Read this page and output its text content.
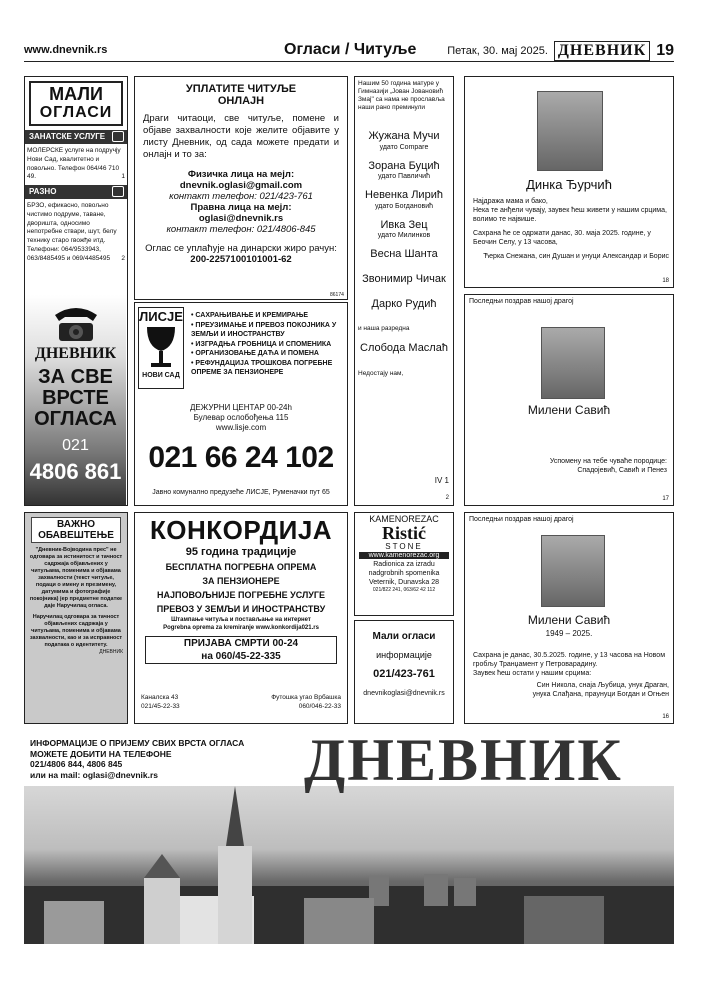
www.dnevnik.rs	Огласи / Читуље	Петак, 30. мај 2025. ДНЕВНИК 19
МАЛИ
ОГЛАСИ
ЗАНАТСКЕ УСЛУГЕ
МОЛЕРСКЕ услуге на подручју Нови Сад, квалитетно и повољно. Телефон 064/46 710 49.	1
РАЗНО
БРЗО, ефикасно, повољно чистимо подруме, таване, дворишта, односимо непотребне ствари, шут, белу технику старо гвожђе итд. Телефони: 064/9533943, 063/8485495 и 069/4485495 2
ДНЕВНИК
ЗА СВЕ
ВРСТЕ
ОГЛАСА
021
4806 861
УПЛАТИТЕ ЧИТУЉЕ
ОНЛАЈН
Драги читаоци, све читуље, помене и објаве захвалности које желите објавите у листу Дневник, од сада можете предати и онлајн и то за:
Физичка лица на мејл:
dnevnik.oglasi@gmail.com
контакт телефон: 021/423-761
Правна лица на мејл:
oglasi@dnevnik.rs
контакт телефон: 021/4806-845
Оглас се уплаћује на динарски жиро рачун:
200-2257100101001-62
86174
ЛИСЈЕ
НОВИ САД
• САХРАЊИВАЊЕ И КРЕМИРАЊЕ
• ПРЕУЗИМАЊЕ И ПРЕВОЗ ПОКОЈНИКА У ЗЕМЉИ И ИНОСТРАНСТВУ
• ИЗГРАДЊА ГРОБНИЦА И СПОМЕНИКА
• ОРГАНИЗОВАЊЕ ДАЋА И ПОМЕНА
• РЕФУНДАЦИЈА ТРОШКОВА ПОГРЕБНЕ ОПРЕМЕ ЗА ПЕНЗИОНЕРЕ
ДЕЖУРНИ ЦЕНТАР 00-24h
Булевар ослобођења 115
www.lisje.com
021 66 24 102
Јавно комунално предузеће ЛИСЈЕ, Руменачки пут 65
Нашим 50 година матуре у Гимназији „Јован Јовановић Змај" са нама не прославља наши рано преминули
Жужана Мучи
удато Compare
Зорана Буцић
удато Павличић
Невенка Лирић
удато Богдановић
Ивка Зец
удато Милинков
Весна Шанта
Звонимир Чичак
Дарко Рудић
и наша разредна
Слобода Маслаћ
Недостају нам,
IV 1
2
Динка Ђурчић
Најдража мама и бако,
Нека те анђели чувају, заувек ћеш живети у нашим срцима, волимо те највише.
Сахрана ће се одржати данас, 30. маја 2025. године, у Беочин Селу, у 13 часова,
Ћерка Снежана, син Душан и унуци Александар и Борис
18
Последњи поздрав нашој драгој
Милени Савић
Успомену на тебе чуваће породице:
Спадојевић, Савић и Пенез
17
ВАЖНО
ОБАВЕШТЕЊЕ
"Дневник-Војводина прес" не одговара за истинитост и тачност садржаја објављених у читуљама, поменима и објавама захвалности (текст читуље, подаци о имену и презимену, датумима и фотографије покојника) јер предметне податке даје Наручилац огласа.
Наручилац одговара за тачност објављених садржаја у читуљама, поменима и објавама захвалности, као и за исправност података о идентитету.
ДНЕВНИК
КОНКОРДИЈА
95 година традиције
БЕСПЛАТНА ПОГРЕБНА ОПРЕМА
ЗА ПЕНЗИОНЕРЕ
НАЈПОВОЉНИЈЕ ПОГРЕБНЕ УСЛУГЕ
ПРЕВОЗ У ЗЕМЉИ И ИНОСТРАНСТВУ
Штампање читуља и постављање на интернет
Pogrebna oprema za kremiranje www.konkordija021.rs
ПРИЈАВА СМРТИ 00-24
на 060/45-22-335
Каналска 43
021/45-22-33
Футошка угао Врбашка
060/046-22-33
KAMENOREZAC
Ristić
STONE
www.kamenorezac.org
Radionica za izradu
nadgrobnih spomenika
Veternik, Dunavska 28
021/822 241, 063/62 42 112
Мали огласи
информације
021/423-761
dnevnikoglasi@dnevnik.rs
Последњи поздрав нашој драгој
Милени Савић
1949 – 2025.
Сахрана је данас, 30.5.2025. године, у 13 часова на Новом гробљу Транџамент у Петроварадину.
Заувек ћеш остати у нашим срцима:
Син Никола, снаја Љубица, унук Драган,
унука Слађана, праунуци Богдан и Огњен
16
ИНФОРМАЦИЈЕ О ПРИЈЕМУ СВИХ ВРСТА ОГЛАСА
МОЖЕТЕ ДОБИТИ НА ТЕЛЕФОНЕ
021/4806 844, 4806 845
или на mail: oglasi@dnevnik.rs	ДНЕВНИК
